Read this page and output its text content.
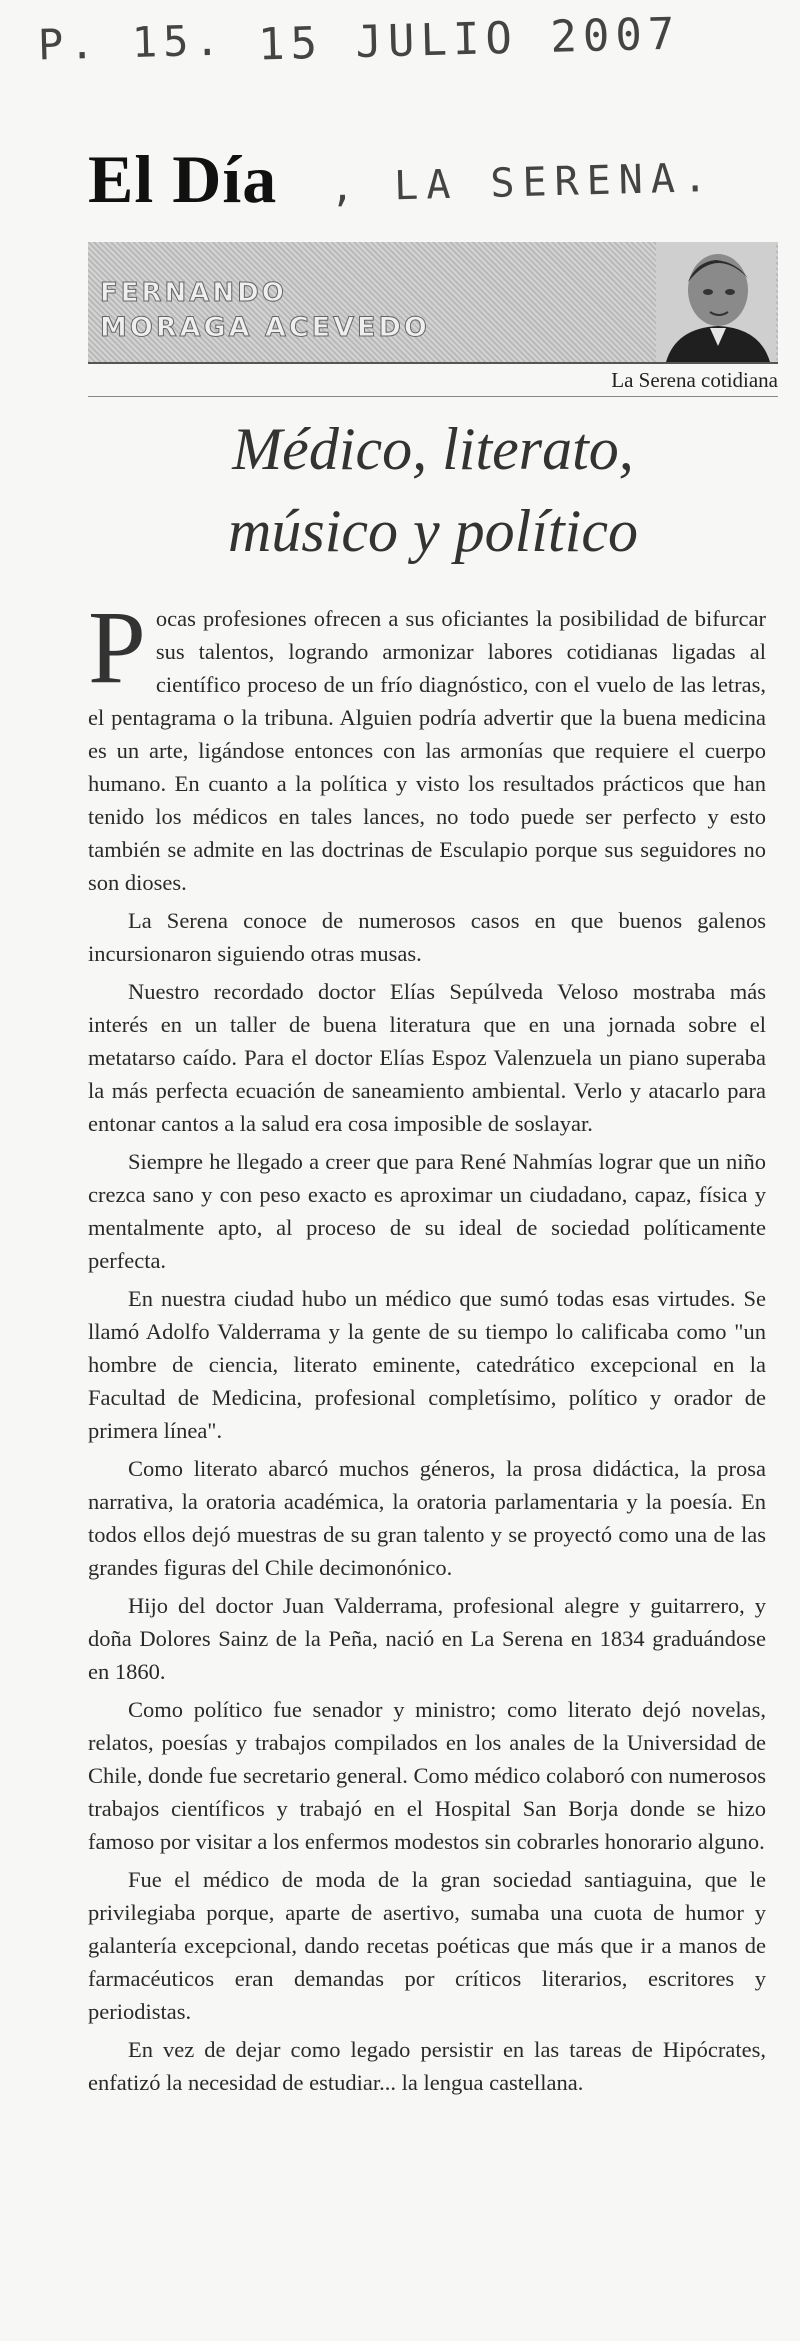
P. 15. 15 JULIO 2007
El Día , LA SERENA.
FERNANDO
MORAGA ACEVEDO
La Serena cotidiana
Médico, literato,
músico y político

Pocas profesiones ofrecen a sus oficiantes la posibilidad de bifurcar sus talentos, logrando armonizar labores cotidianas ligadas al científico proceso de un frío diagnóstico, con el vuelo de las letras, el pentagrama o la tribuna. Alguien podría advertir que la buena medicina es un arte, ligándose entonces con las armonías que requiere el cuerpo humano. En cuanto a la política y visto los resultados prácticos que han tenido los médicos en tales lances, no todo puede ser perfecto y esto también se admite en las doctrinas de Esculapio porque sus seguidores no son dioses.

La Serena conoce de numerosos casos en que buenos galenos incursionaron siguiendo otras musas.

Nuestro recordado doctor Elías Sepúlveda Veloso mostraba más interés en un taller de buena literatura que en una jornada sobre el metatarso caído. Para el doctor Elías Espoz Valenzuela un piano superaba la más perfecta ecuación de saneamiento ambiental. Verlo y atacarlo para entonar cantos a la salud era cosa imposible de soslayar.

Siempre he llegado a creer que para René Nahmías lograr que un niño crezca sano y con peso exacto es aproximar un ciudadano, capaz, física y mentalmente apto, al proceso de su ideal de sociedad políticamente perfecta.

En nuestra ciudad hubo un médico que sumó todas esas virtudes. Se llamó Adolfo Valderrama y la gente de su tiempo lo calificaba como "un hombre de ciencia, literato eminente, catedrático excepcional en la Facultad de Medicina, profesional completísimo, político y orador de primera línea".

Como literato abarcó muchos géneros, la prosa didáctica, la prosa narrativa, la oratoria académica, la oratoria parlamentaria y la poesía. En todos ellos dejó muestras de su gran talento y se proyectó como una de las grandes figuras del Chile decimonónico.

Hijo del doctor Juan Valderrama, profesional alegre y guitarrero, y doña Dolores Sainz de la Peña, nació en La Serena en 1834 graduándose en 1860.

Como político fue senador y ministro; como literato dejó novelas, relatos, poesías y trabajos compilados en los anales de la Universidad de Chile, donde fue secretario general. Como médico colaboró con numerosos trabajos científicos y trabajó en el Hospital San Borja donde se hizo famoso por visitar a los enfermos modestos sin cobrarles honorario alguno.

Fue el médico de moda de la gran sociedad santiaguina, que le privilegiaba porque, aparte de asertivo, sumaba una cuota de humor y galantería excepcional, dando recetas poéticas que más que ir a manos de farmacéuticos eran demandas por críticos literarios, escritores y periodistas.

En vez de dejar como legado persistir en las tareas de Hipócrates, enfatizó la necesidad de estudiar... la lengua castellana.
